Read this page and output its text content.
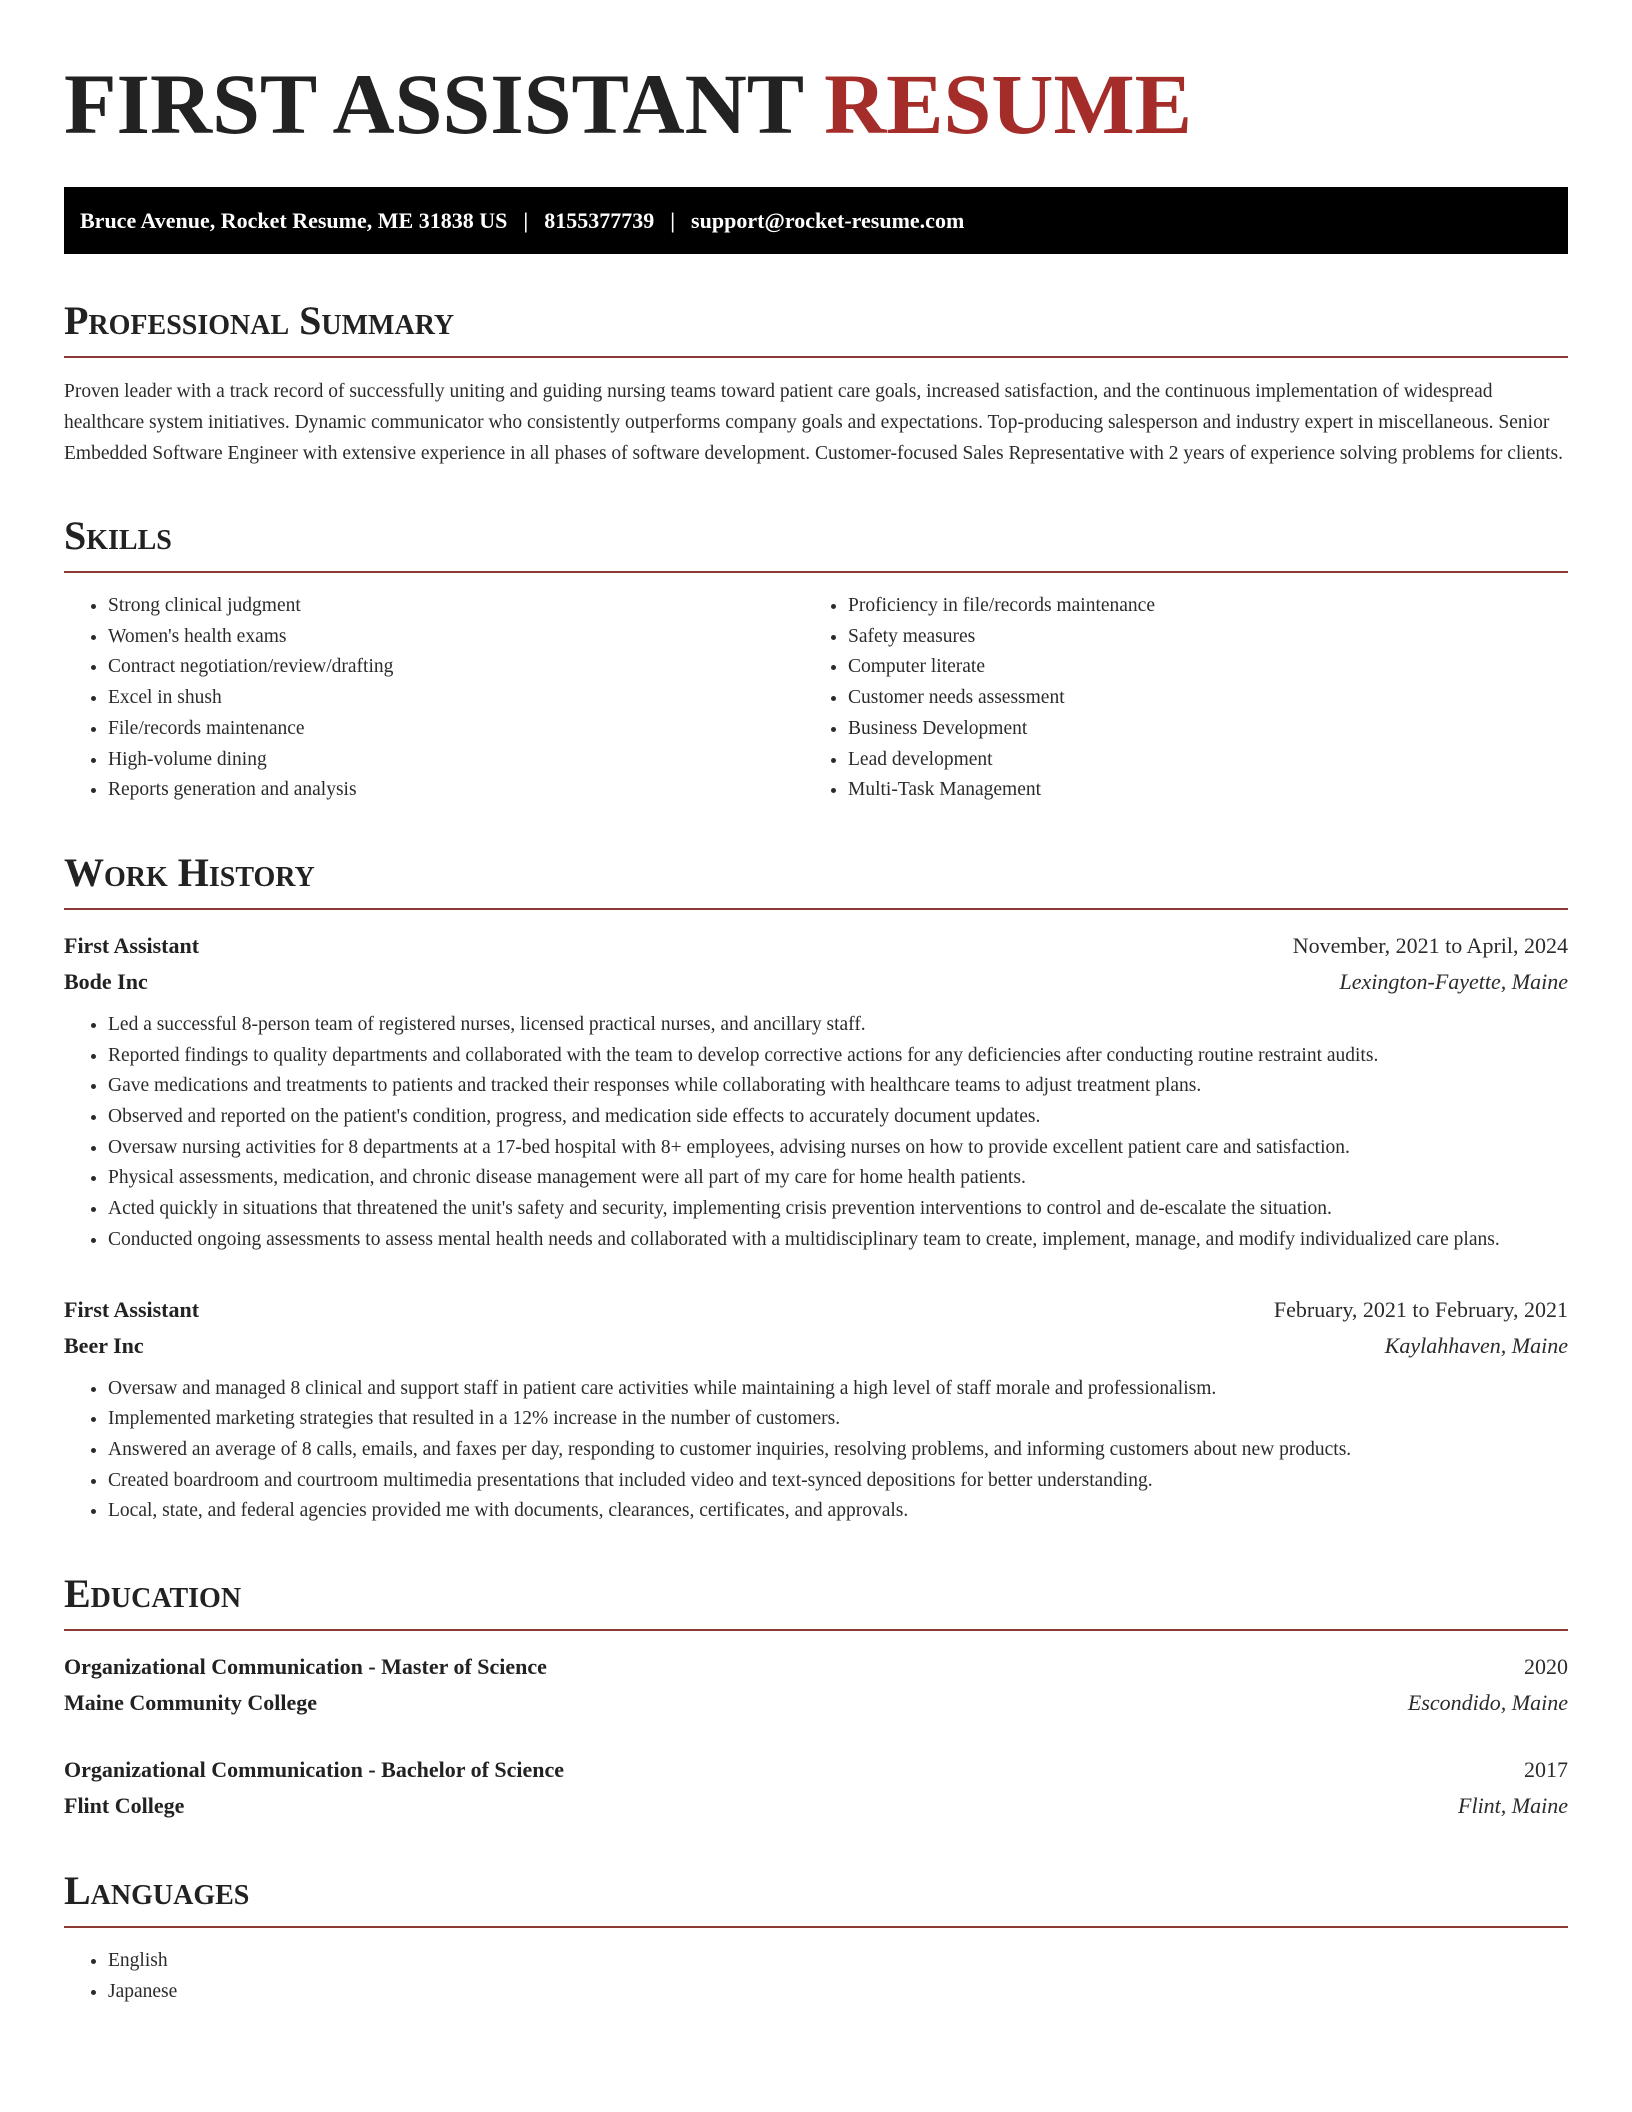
FIRST ASSISTANT RESUME
Bruce Avenue, Rocket Resume, ME 31838 US | 8155377739 | support@rocket-resume.com
Professional Summary

Proven leader with a track record of successfully uniting and guiding nursing teams toward patient care goals, increased satisfaction, and the continuous implementation of widespread healthcare system initiatives. Dynamic communicator who consistently outperforms company goals and expectations. Top-producing salesperson and industry expert in miscellaneous. Senior Embedded Software Engineer with extensive experience in all phases of software development. Customer-focused Sales Representative with 2 years of experience solving problems for clients.

Skills
• Strong clinical judgment
• Women's health exams
• Contract negotiation/review/drafting
• Excel in shush
• File/records maintenance
• High-volume dining
• Reports generation and analysis
• Proficiency in file/records maintenance
• Safety measures
• Computer literate
• Customer needs assessment
• Business Development
• Lead development
• Multi-Task Management
Work History
First Assistant	November, 2021 to April, 2024
Bode Inc	Lexington-Fayette, Maine
• Led a successful 8-person team of registered nurses, licensed practical nurses, and ancillary staff.
• Reported findings to quality departments and collaborated with the team to develop corrective actions for any deficiencies after conducting routine restraint audits.
• Gave medications and treatments to patients and tracked their responses while collaborating with healthcare teams to adjust treatment plans.
• Observed and reported on the patient's condition, progress, and medication side effects to accurately document updates.
• Oversaw nursing activities for 8 departments at a 17-bed hospital with 8+ employees, advising nurses on how to provide excellent patient care and satisfaction.
• Physical assessments, medication, and chronic disease management were all part of my care for home health patients.
• Acted quickly in situations that threatened the unit's safety and security, implementing crisis prevention interventions to control and de-escalate the situation.
• Conducted ongoing assessments to assess mental health needs and collaborated with a multidisciplinary team to create, implement, manage, and modify individualized care plans.
First Assistant	February, 2021 to February, 2021
Beer Inc	Kaylahhaven, Maine
• Oversaw and managed 8 clinical and support staff in patient care activities while maintaining a high level of staff morale and professionalism.
• Implemented marketing strategies that resulted in a 12% increase in the number of customers.
• Answered an average of 8 calls, emails, and faxes per day, responding to customer inquiries, resolving problems, and informing customers about new products.
• Created boardroom and courtroom multimedia presentations that included video and text-synced depositions for better understanding.
• Local, state, and federal agencies provided me with documents, clearances, certificates, and approvals.
Education
Organizational Communication - Master of Science	2020
Maine Community College	Escondido, Maine
Organizational Communication - Bachelor of Science	2017
Flint College	Flint, Maine
Languages
• English
• Japanese
